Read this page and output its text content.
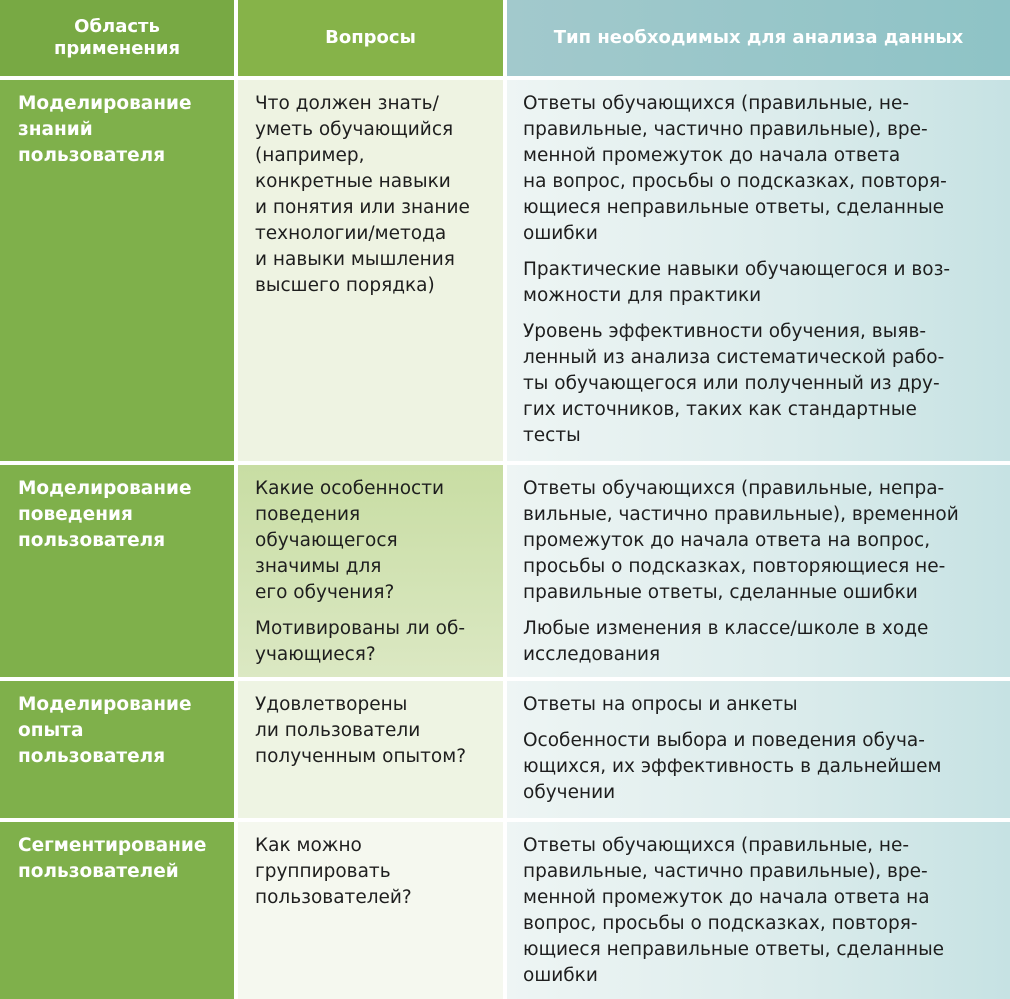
Область
применения
Вопросы	Тип необходимых для анализа данных
Моделирование
знаний
пользователя
Что должен знать/
уметь обучающийся
(например,
конкретные навыки
и понятия или знание
технологии/метода
и навыки мышления
высшего порядка)
Ответы обучающихся (правильные, не-
правильные, частично правильные), вре-
менной промежуток до начала ответа
на вопрос, просьбы о подсказках, повторя-
ющиеся неправильные ответы, сделанные
ошибки
Практические навыки обучающегося и воз-
можности для практики
Уровень эффективности обучения, выяв-
ленный из анализа систематической рабо-
ты обучающегося или полученный из дру-
гих источников, таких как стандартные
тесты
Моделирование
поведения
пользователя
Какие особенности
поведения
обучающегося
значимы для
его обучения?
Мотивированы ли об-
учающиеся?
Ответы обучающихся (правильные, непра-
вильные, частично правильные), временной
промежуток до начала ответа на вопрос,
просьбы о подсказках, повторяющиеся не-
правильные ответы, сделанные ошибки
Любые изменения в классе/школе в ходе
исследования
Моделирование
опыта
пользователя
Удовлетворены
ли пользователи
полученным опытом?
Ответы на опросы и анкеты
Особенности выбора и поведения обуча-
ющихся, их эффективность в дальнейшем
обучении
Сегментирование
пользователей
Как можно
группировать
пользователей?
Ответы обучающихся (правильные, не-
правильные, частично правильные), вре-
менной промежуток до начала ответа на
вопрос, просьбы о подсказках, повторя-
ющиеся неправильные ответы, сделанные
ошибки
